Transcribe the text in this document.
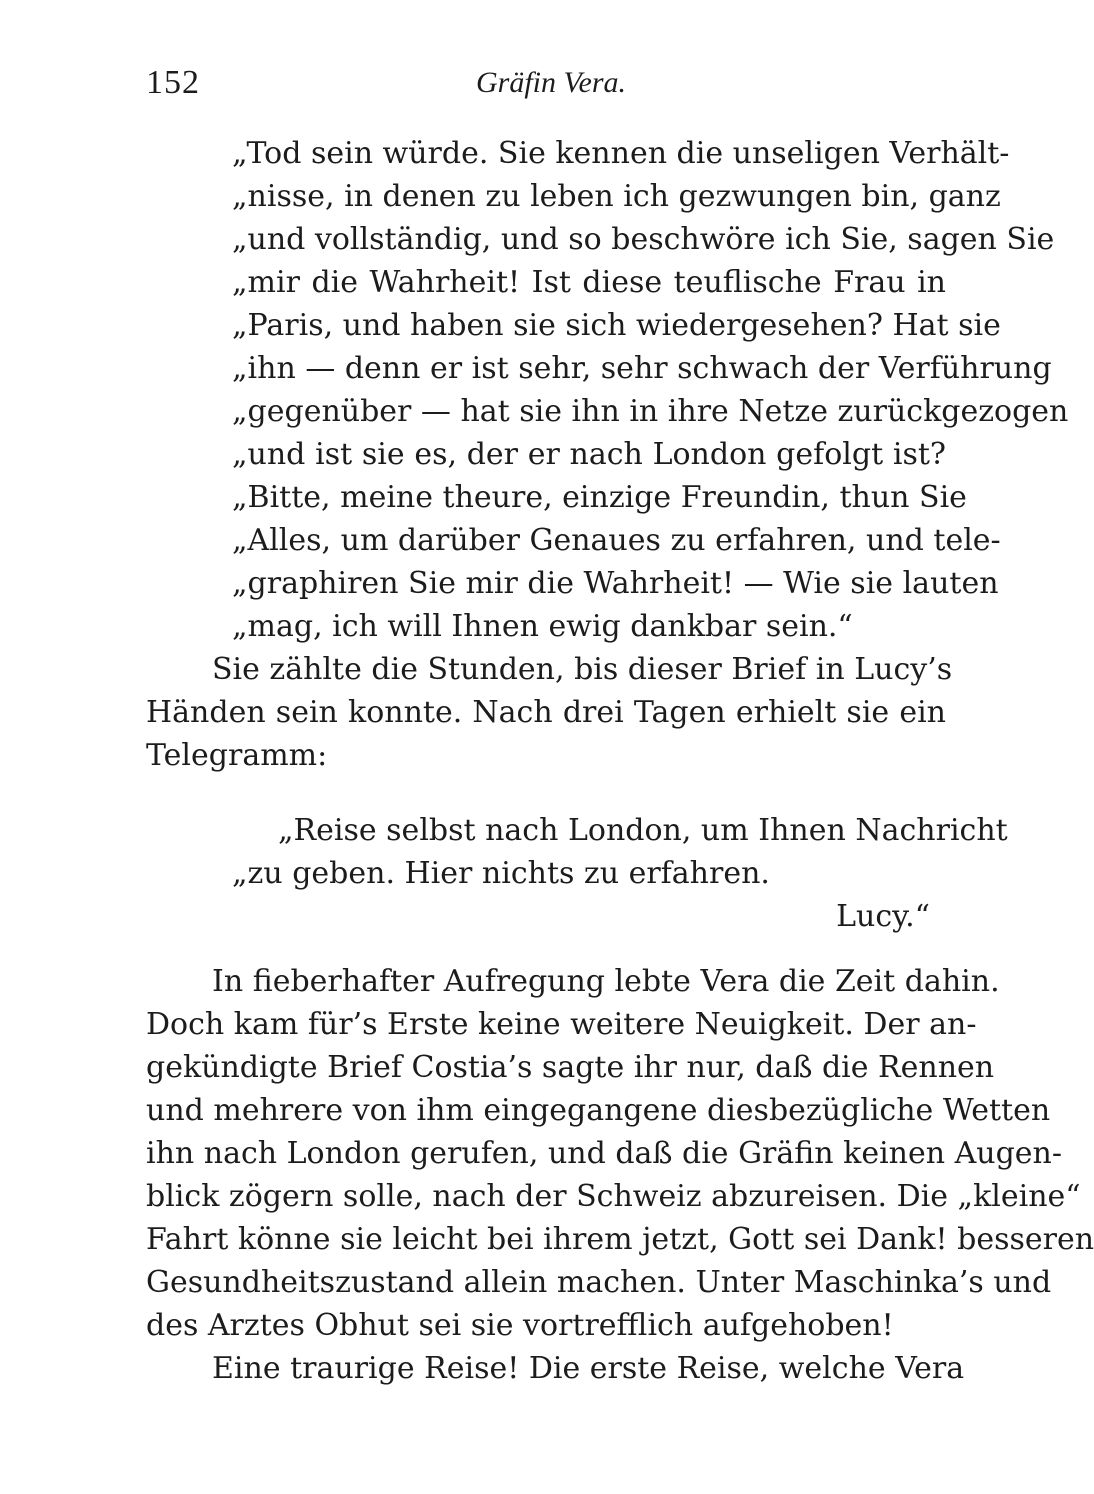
152	Gräfin Vera.
„Tod sein würde. Sie kennen die unseligen Verhält-
„nisse, in denen zu leben ich gezwungen bin, ganz
„und vollständig, und so beschwöre ich Sie, sagen Sie
„mir die Wahrheit! Ist diese teuflische Frau in
„Paris, und haben sie sich wiedergesehen? Hat sie
„ihn — denn er ist sehr, sehr schwach der Verführung
„gegenüber — hat sie ihn in ihre Netze zurückgezogen
„und ist sie es, der er nach London gefolgt ist?
„Bitte, meine theure, einzige Freundin, thun Sie
„Alles, um darüber Genaues zu erfahren, und tele-
„graphiren Sie mir die Wahrheit! — Wie sie lauten
„mag, ich will Ihnen ewig dankbar sein.“
Sie zählte die Stunden, bis dieser Brief in Lucy’s
Händen sein konnte. Nach drei Tagen erhielt sie ein
Telegramm:
„Reise selbst nach London, um Ihnen Nachricht
„zu geben. Hier nichts zu erfahren.
Lucy.“
In fieberhafter Aufregung lebte Vera die Zeit dahin.
Doch kam für’s Erste keine weitere Neuigkeit. Der an-
gekündigte Brief Costia’s sagte ihr nur, daß die Rennen
und mehrere von ihm eingegangene diesbezügliche Wetten
ihn nach London gerufen, und daß die Gräfin keinen Augen-
blick zögern solle, nach der Schweiz abzureisen. Die „kleine“
Fahrt könne sie leicht bei ihrem jetzt, Gott sei Dank! besseren
Gesundheitszustand allein machen. Unter Maschinka’s und
des Arztes Obhut sei sie vortrefflich aufgehoben!
Eine traurige Reise! Die erste Reise, welche Vera
